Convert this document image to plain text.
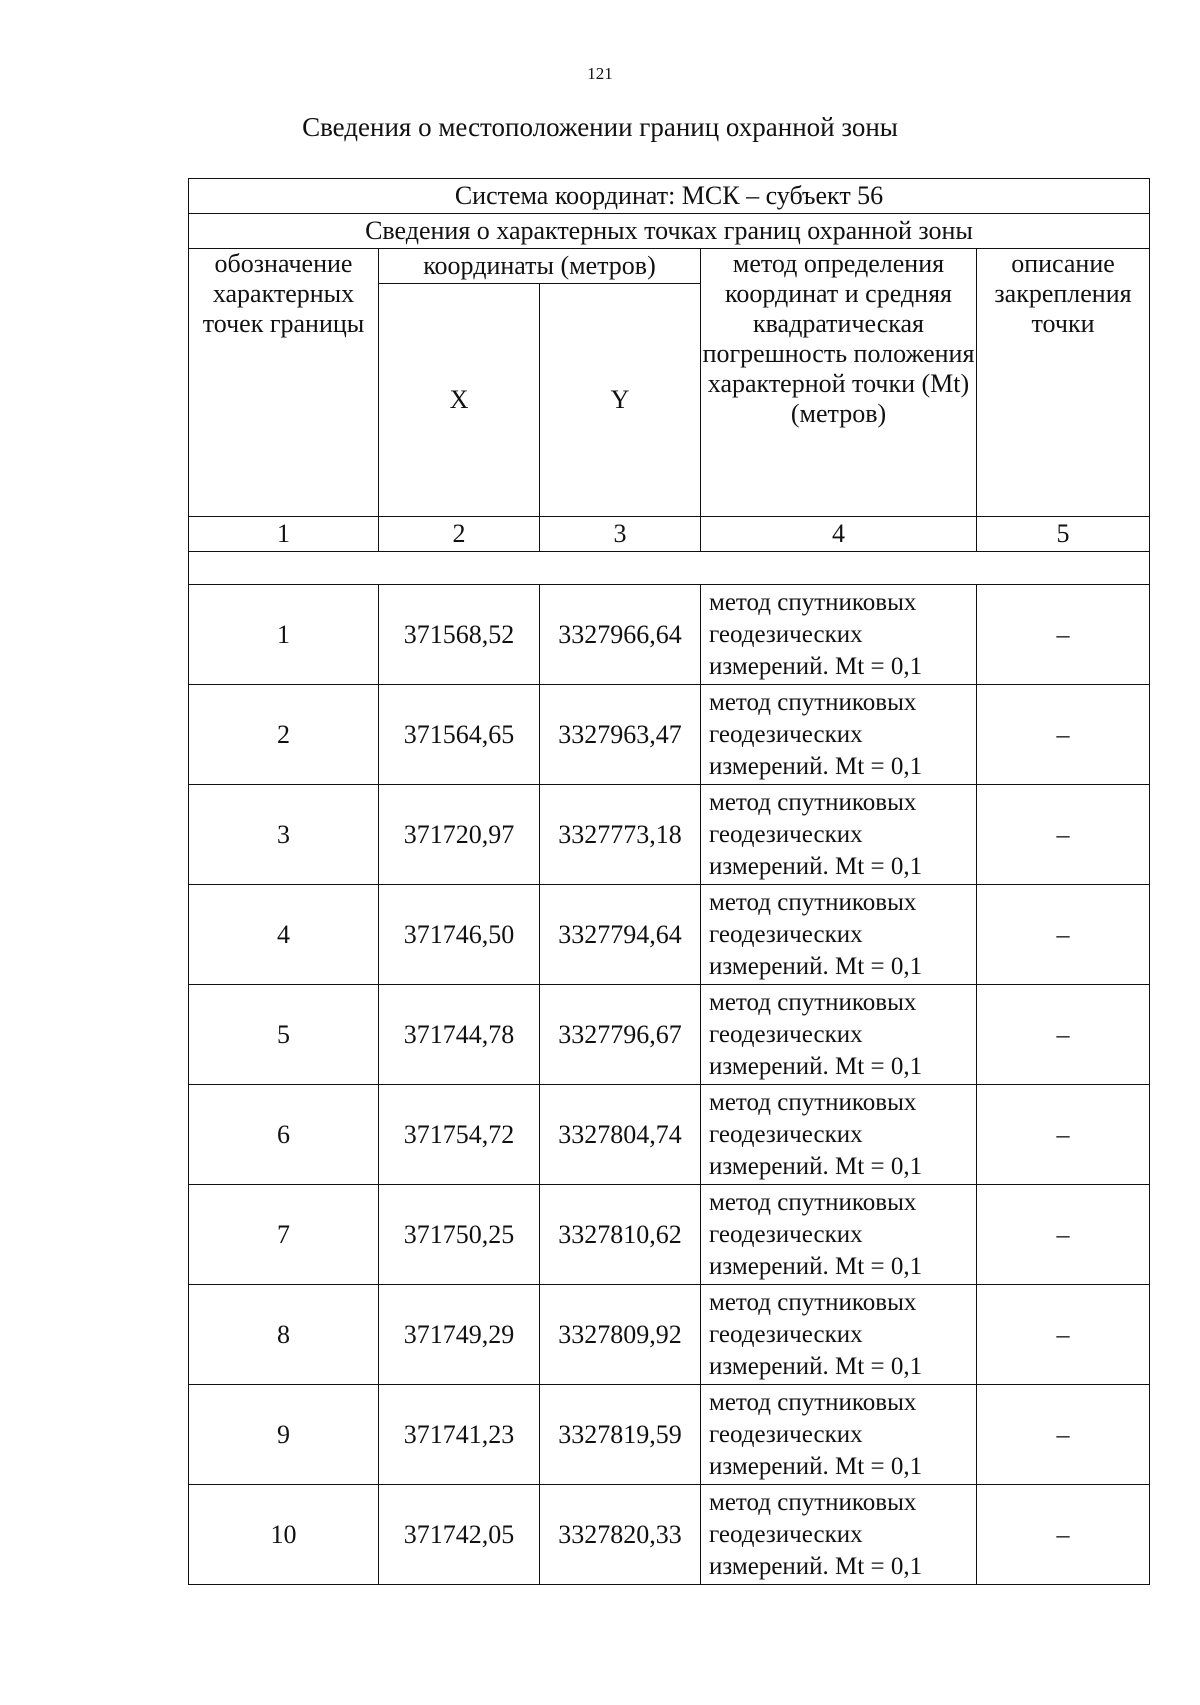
121
Сведения о местоположении границ охранной зоны
Система координат: МСК – субъект 56				
Сведения о характерных точках границ охранной зоны				
обозначение характерных точек границы	координаты (метров)		метод определения координат и средняя квадратическая погрешность положения характерной точки (Mt) (метров)	описание закрепления точки
	X	Y		
1	2	3	4	5

1	371568,52	3327966,64	метод спутниковых геодезических измерений. Mt = 0,1	–
2	371564,65	3327963,47	метод спутниковых геодезических измерений. Mt = 0,1	–
3	371720,97	3327773,18	метод спутниковых геодезических измерений. Mt = 0,1	–
4	371746,50	3327794,64	метод спутниковых геодезических измерений. Mt = 0,1	–
5	371744,78	3327796,67	метод спутниковых геодезических измерений. Mt = 0,1	–
6	371754,72	3327804,74	метод спутниковых геодезических измерений. Mt = 0,1	–
7	371750,25	3327810,62	метод спутниковых геодезических измерений. Mt = 0,1	–
8	371749,29	3327809,92	метод спутниковых геодезических измерений. Mt = 0,1	–
9	371741,23	3327819,59	метод спутниковых геодезических измерений. Mt = 0,1	–
10	371742,05	3327820,33	метод спутниковых геодезических измерений. Mt = 0,1	–
